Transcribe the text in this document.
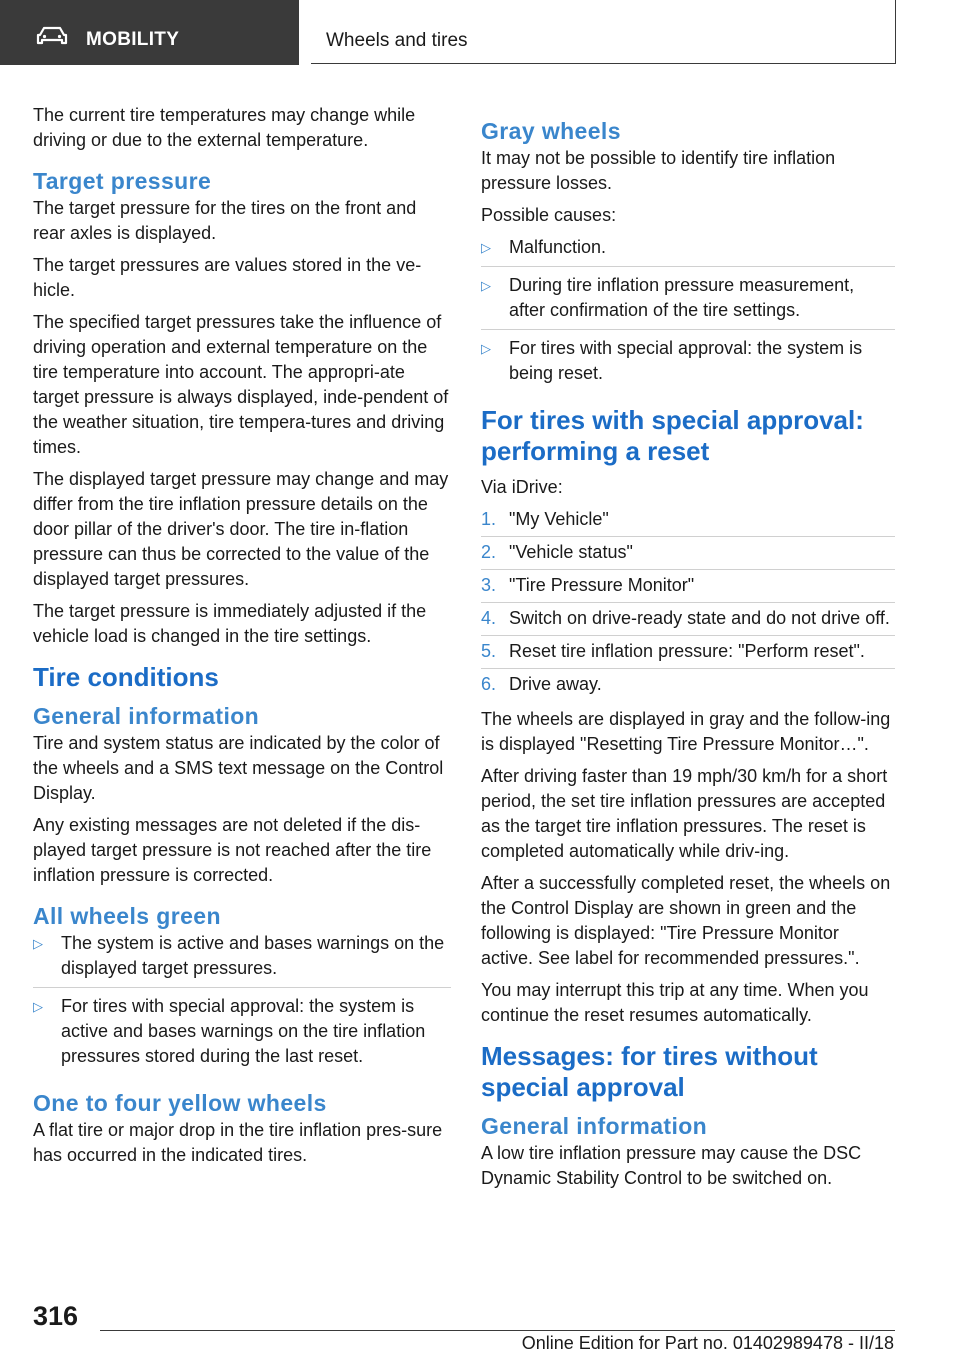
MOBILITY	Wheels and tires

The current tire temperatures may change while driving or due to the external temperature.

Target pressure

The target pressure for the tires on the front and rear axles is displayed.

The target pressures are values stored in the ve‐hicle.

The specified target pressures take the influence of driving operation and external temperature on the tire temperature into account. The appropri‐ate target pressure is always displayed, inde‐pendent of the weather situation, tire tempera‐tures and driving times.

The displayed target pressure may change and may differ from the tire inflation pressure details on the door pillar of the driver's door. The tire in‐flation pressure can thus be corrected to the value of the displayed target pressures.

The target pressure is immediately adjusted if the vehicle load is changed in the tire settings.

Tire conditions
General information

Tire and system status are indicated by the color of the wheels and a SMS text message on the Control Display.

Any existing messages are not deleted if the dis‐played target pressure is not reached after the tire inflation pressure is corrected.

All wheels green
▷ The system is active and bases warnings on the displayed target pressures.
▷ For tires with special approval: the system is active and bases warnings on the tire inflation pressures stored during the last reset.
One to four yellow wheels

A flat tire or major drop in the tire inflation pres‐sure has occurred in the indicated tires.

Gray wheels

It may not be possible to identify tire inflation pressure losses.

Possible causes:

▷ Malfunction.
▷ During tire inflation pressure measurement, after confirmation of the tire settings.
▷ For tires with special approval: the system is being reset.
For tires with special approval: performing a reset

Via iDrive:

1. "My Vehicle"
2. "Vehicle status"
3. "Tire Pressure Monitor"
4. Switch on drive-ready state and do not drive off.
5. Reset tire inflation pressure: "Perform reset".
6. Drive away.

The wheels are displayed in gray and the follow‐ing is displayed "Resetting Tire Pressure Monitor…".

After driving faster than 19 mph/30 km/h for a short period, the set tire inflation pressures are accepted as the target tire inflation pressures. The reset is completed automatically while driv‐ing.

After a successfully completed reset, the wheels on the Control Display are shown in green and the following is displayed: "Tire Pressure Monitor active. See label for recommended pressures.".

You may interrupt this trip at any time. When you continue the reset resumes automatically.

Messages: for tires without special approval
General information

A low tire inflation pressure may cause the DSC Dynamic Stability Control to be switched on.

316
Online Edition for Part no. 01402989478 - II/18
